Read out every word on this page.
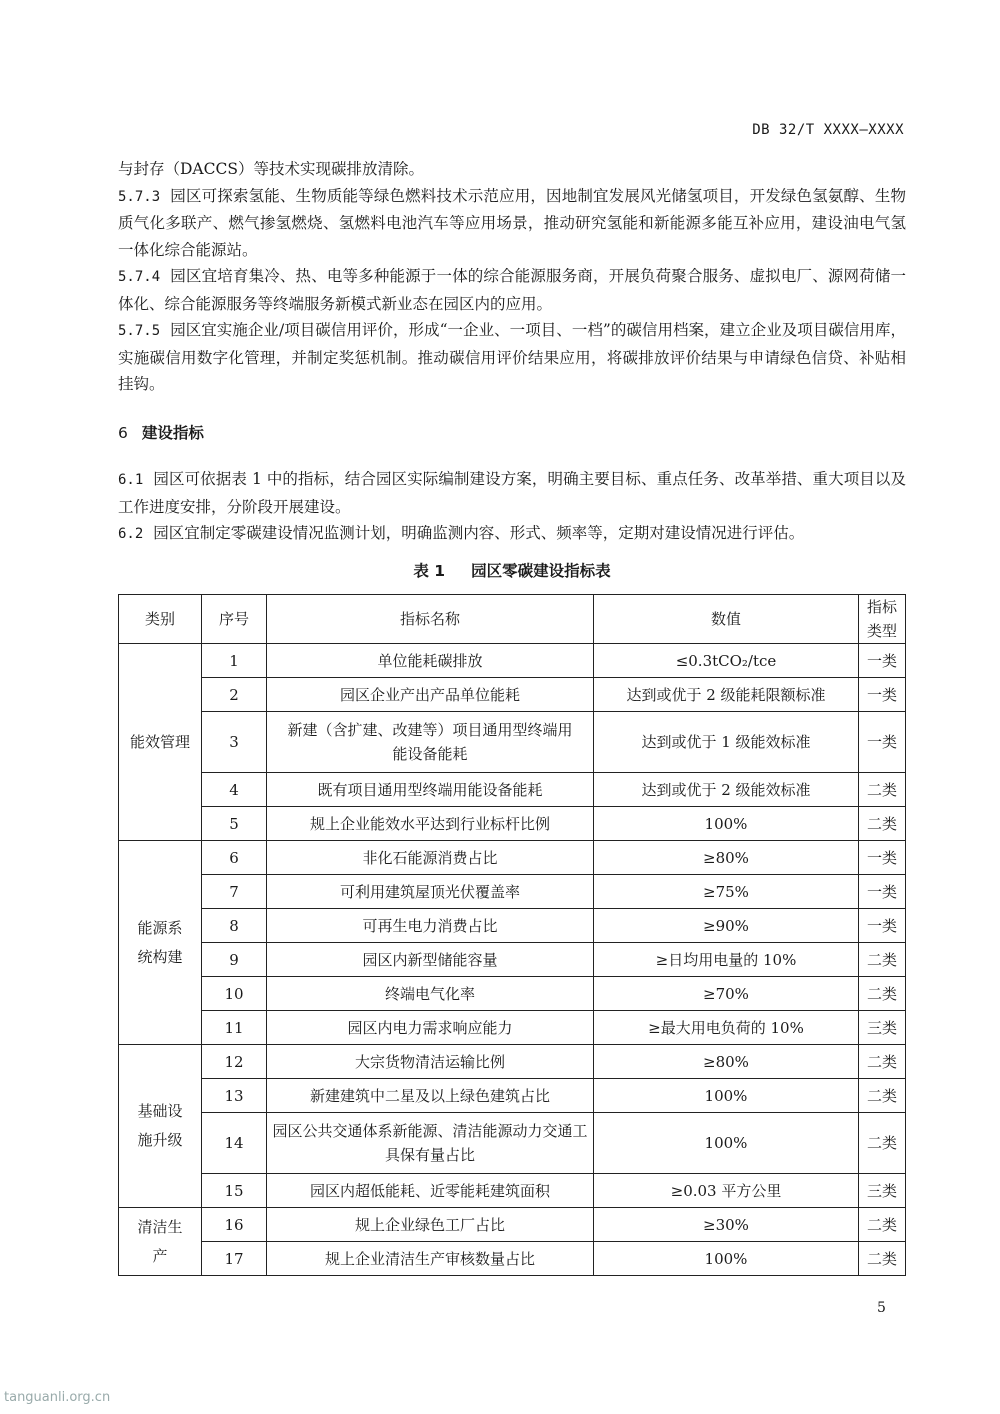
DB 32/T XXXX—XXXX

与封存（DACCS）等技术实现碳排放清除。

5.7.3 园区可探索氢能、生物质能等绿色燃料技术示范应用，因地制宜发展风光储氢项目，开发绿色氢氨醇、生物质气化多联产、燃气掺氢燃烧、氢燃料电池汽车等应用场景，推动研究氢能和新能源多能互补应用，建设油电气氢一体化综合能源站。

5.7.4 园区宜培育集冷、热、电等多种能源于一体的综合能源服务商，开展负荷聚合服务、虚拟电厂、源网荷储一体化、综合能源服务等终端服务新模式新业态在园区内的应用。

5.7.5 园区宜实施企业/项目碳信用评价，形成“一企业、一项目、一档”的碳信用档案，建立企业及项目碳信用库，实施碳信用数字化管理，并制定奖惩机制。推动碳信用评价结果应用，将碳排放评价结果与申请绿色信贷、补贴相挂钩。

6 建设指标

6.1 园区可依据表 1 中的指标，结合园区实际编制建设方案，明确主要目标、重点任务、改革举措、重大项目以及工作进度安排，分阶段开展建设。

6.2 园区宜制定零碳建设情况监测计划，明确监测内容、形式、频率等，定期对建设情况进行评估。

表 1 园区零碳建设指标表
类别	序号	指标名称	数值	指标类型
能效管理	1	单位能耗碳排放	≤0.3tCO₂/tce	一类
	2	园区企业产出产品单位能耗	达到或优于 2 级能耗限额标准	一类
	3	新建（含扩建、改建等）项目通用型终端用能设备能耗	达到或优于 1 级能效标准	一类
	4	既有项目通用型终端用能设备能耗	达到或优于 2 级能效标准	二类
	5	规上企业能效水平达到行业标杆比例	100%	二类
能源系统构建	6	非化石能源消费占比	≥80%	一类
	7	可利用建筑屋顶光伏覆盖率	≥75%	一类
	8	可再生电力消费占比	≥90%	一类
	9	园区内新型储能容量	≥日均用电量的 10%	二类
	10	终端电气化率	≥70%	二类
	11	园区内电力需求响应能力	≥最大用电负荷的 10%	三类
基础设施升级	12	大宗货物清洁运输比例	≥80%	二类
	13	新建建筑中二星及以上绿色建筑占比	100%	二类
	14	园区公共交通体系新能源、清洁能源动力交通工具保有量占比	100%	二类
	15	园区内超低能耗、近零能耗建筑面积	≥0.03 平方公里	三类
清洁生产	16	规上企业绿色工厂占比	≥30%	二类
	17	规上企业清洁生产审核数量占比	100%	二类
5
tanguanli.org.cn
